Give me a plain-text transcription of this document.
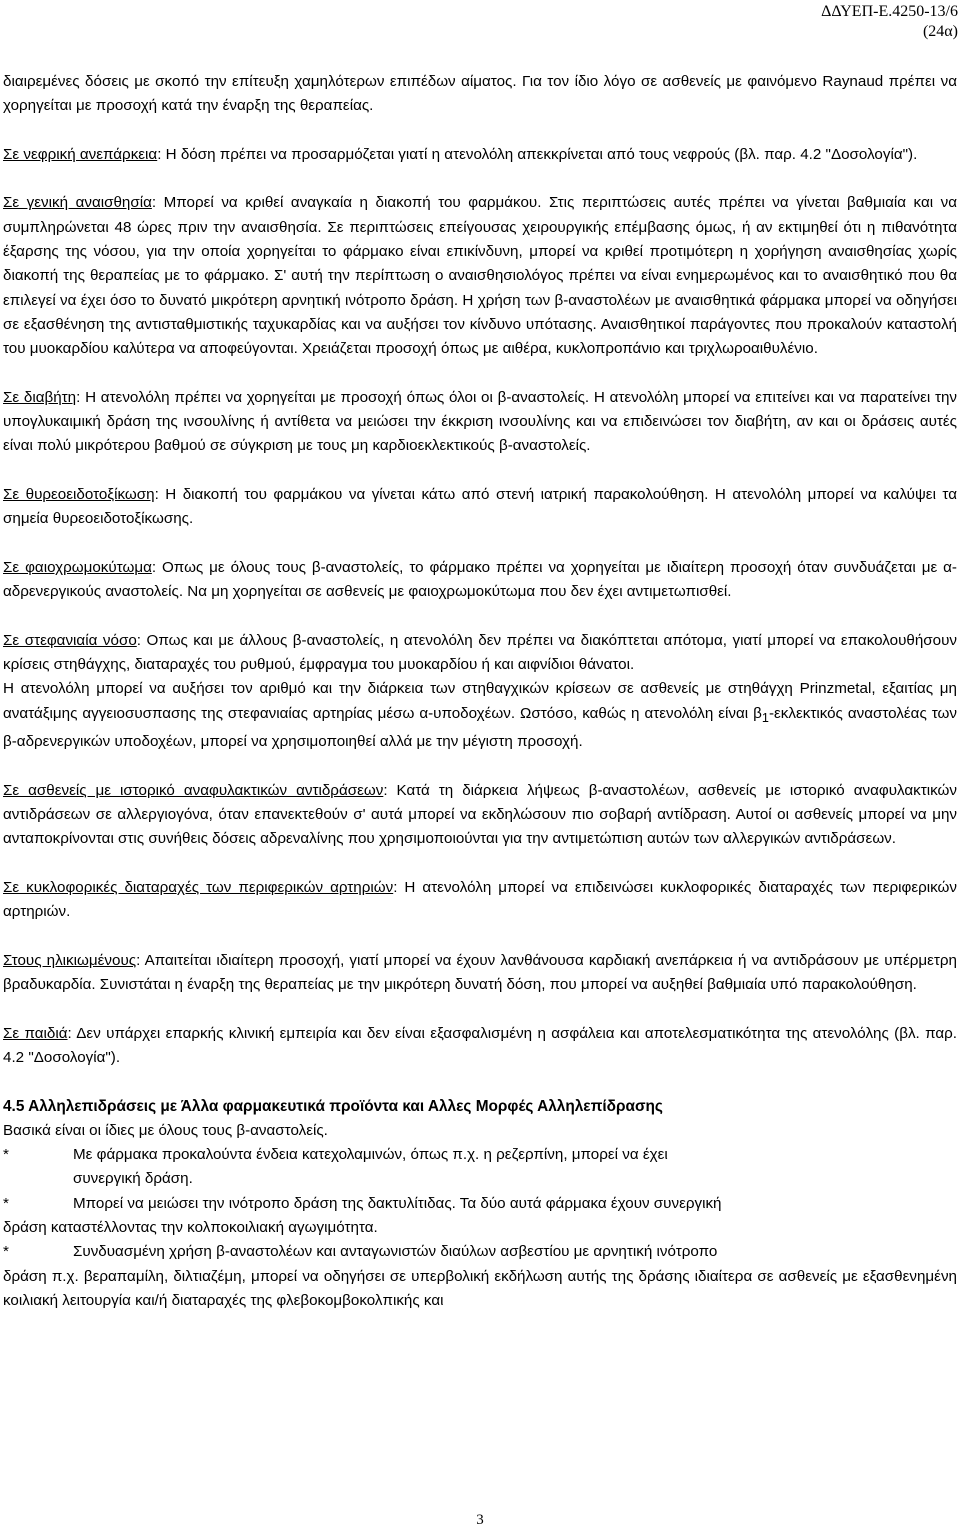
ΔΔΥΕΠ-Ε.4250-13/6
(24α)

διαιρεμένες δόσεις με σκοπό την επίτευξη χαμηλότερων επιπέδων αίματος. Για τον ίδιο λόγο σε ασθενείς με φαινόμενο Raynaud πρέπει να χορηγείται με προσοχή κατά την έναρξη της θεραπείας.

Σε νεφρική ανεπάρκεια: Η δόση πρέπει να προσαρμόζεται γιατί η ατενολόλη απεκκρίνεται από τους νεφρούς (βλ. παρ. 4.2 "Δοσολογία").

Σε γενική αναισθησία: Μπορεί να κριθεί αναγκαία η διακοπή του φαρμάκου. Στις περιπτώσεις αυτές πρέπει να γίνεται βαθμιαία και να συμπληρώνεται 48 ώρες πριν την αναισθησία. Σε περιπτώσεις επείγουσας χειρουργικής επέμβασης όμως, ή αν εκτιμηθεί ότι η πιθανότητα έξαρσης της νόσου, για την οποία χορηγείται το φάρμακο είναι επικίνδυνη, μπορεί να κριθεί προτιμότερη η χορήγηση αναισθησίας χωρίς διακοπή της θεραπείας με το φάρμακο. Σ' αυτή την περίπτωση ο αναισθησιολόγος πρέπει να είναι ενημερωμένος και το αναισθητικό που θα επιλεγεί να έχει όσο το δυνατό μικρότερη αρνητική ινότροπο δράση. Η χρήση των β-αναστολέων με αναισθητικά φάρμακα μπορεί να οδηγήσει σε εξασθένηση της αντισταθμιστικής ταχυκαρδίας και να αυξήσει τον κίνδυνο υπότασης. Αναισθητικοί παράγοντες που προκαλούν καταστολή του μυοκαρδίου καλύτερα να αποφεύγονται. Χρειάζεται προσοχή όπως με αιθέρα, κυκλοπροπάνιο και τριχλωροαιθυλένιο.

Σε διαβήτη: Η ατενολόλη πρέπει να χορηγείται με προσοχή όπως όλοι οι β-αναστολείς. Η ατενολόλη μπορεί να επιτείνει και να παρατείνει την υπογλυκαιμική δράση της ινσουλίνης ή αντίθετα να μειώσει την έκκριση ινσουλίνης και να επιδεινώσει τον διαβήτη, αν και οι δράσεις αυτές είναι πολύ μικρότερου βαθμού σε σύγκριση με τους μη καρδιοεκλεκτικούς β-αναστολείς.

Σε θυρεοειδοτοξίκωση: Η διακοπή του φαρμάκου να γίνεται κάτω από στενή ιατρική παρακολούθηση. Η ατενολόλη μπορεί να καλύψει τα σημεία θυρεοειδοτοξίκωσης.

Σε φαιοχρωμοκύτωμα: Οπως με όλους τους β-αναστολείς, το φάρμακο πρέπει να χορηγείται με ιδιαίτερη προσοχή όταν συνδυάζεται με α-αδρενεργικούς αναστολείς. Να μη χορηγείται σε ασθενείς με φαιοχρωμοκύτωμα που δεν έχει αντιμετωπισθεί.

Σε στεφανιαία νόσο: Οπως και με άλλους β-αναστολείς, η ατενολόλη δεν πρέπει να διακόπτεται απότομα, γιατί μπορεί να επακολουθήσουν κρίσεις στηθάγχης, διαταραχές του ρυθμού, έμφραγμα του μυοκαρδίου ή και αιφνίδιοι θάνατοι.

Η ατενολόλη μπορεί να αυξήσει τον αριθμό και την διάρκεια των στηθαγχικών κρίσεων σε ασθενείς με στηθάγχη Prinzmetal, εξαιτίας μη ανατάξιμης αγγειοσυσπασης της στεφανιαίας αρτηρίας μέσω α-υποδοχέων. Ωστόσο, καθώς η ατενολόλη είναι $\beta_1$-εκλεκτικός αναστολέας των β-αδρενεργικών υποδοχέων, μπορεί να χρησιμοποιηθεί αλλά με την μέγιστη προσοχή.

Σε ασθενείς με ιστορικό αναφυλακτικών αντιδράσεων: Κατά τη διάρκεια λήψεως β-αναστολέων, ασθενείς με ιστορικό αναφυλακτικών αντιδράσεων σε αλλεργιογόνα, όταν επανεκτεθούν σ' αυτά μπορεί να εκδηλώσουν πιο σοβαρή αντίδραση. Αυτοί οι ασθενείς μπορεί να μην ανταποκρίνονται στις συνήθεις δόσεις αδρεναλίνης που χρησιμοποιούνται για την αντιμετώπιση αυτών των αλλεργικών αντιδράσεων.

Σε κυκλοφορικές διαταραχές των περιφερικών αρτηριών: Η ατενολόλη μπορεί να επιδεινώσει κυκλοφορικές διαταραχές των περιφερικών αρτηριών.

Στους ηλικιωμένους: Απαιτείται ιδιαίτερη προσοχή, γιατί μπορεί να έχουν λανθάνουσα καρδιακή ανεπάρκεια ή να αντιδράσουν με υπέρμετρη βραδυκαρδία. Συνιστάται η έναρξη της θεραπείας με την μικρότερη δυνατή δόση, που μπορεί να αυξηθεί βαθμιαία υπό παρακολούθηση.

Σε παιδιά: Δεν υπάρχει επαρκής κλινική εμπειρία και δεν είναι εξασφαλισμένη η ασφάλεια και αποτελεσματικότητα της ατενολόλης (βλ. παρ. 4.2 "Δοσολογία").

4.5 Αλληλεπιδράσεις με Άλλα φαρμακευτικά προϊόντα και Αλλες Μορφές Αλληλεπίδρασης
Βασικά είναι οι ίδιες με όλους τους β-αναστολείς.
*	Με φάρμακα προκαλούντα ένδεια κατεχολαμινών, όπως π.χ. η ρεζερπίνη, μπορεί να έχει
συνεργική δράση.
*	Μπορεί να μειώσει την ινότροπο δράση της δακτυλίτιδας. Τα δύο αυτά φάρμακα έχουν συνεργική
δράση καταστέλλοντας την κολποκοιλιακή αγωγιμότητα.
*	Συνδυασμένη χρήση β-αναστολέων και ανταγωνιστών διαύλων ασβεστίου με αρνητική ινότροπο
δράση π.χ. βεραπαμίλη, διλτιαζέμη, μπορεί να οδηγήσει σε υπερβολική εκδήλωση αυτής της δράσης ιδιαίτερα σε ασθενείς με εξασθενημένη κοιλιακή λειτουργία και/ή διαταραχές της φλεβοκομβοκολπικής και
3
